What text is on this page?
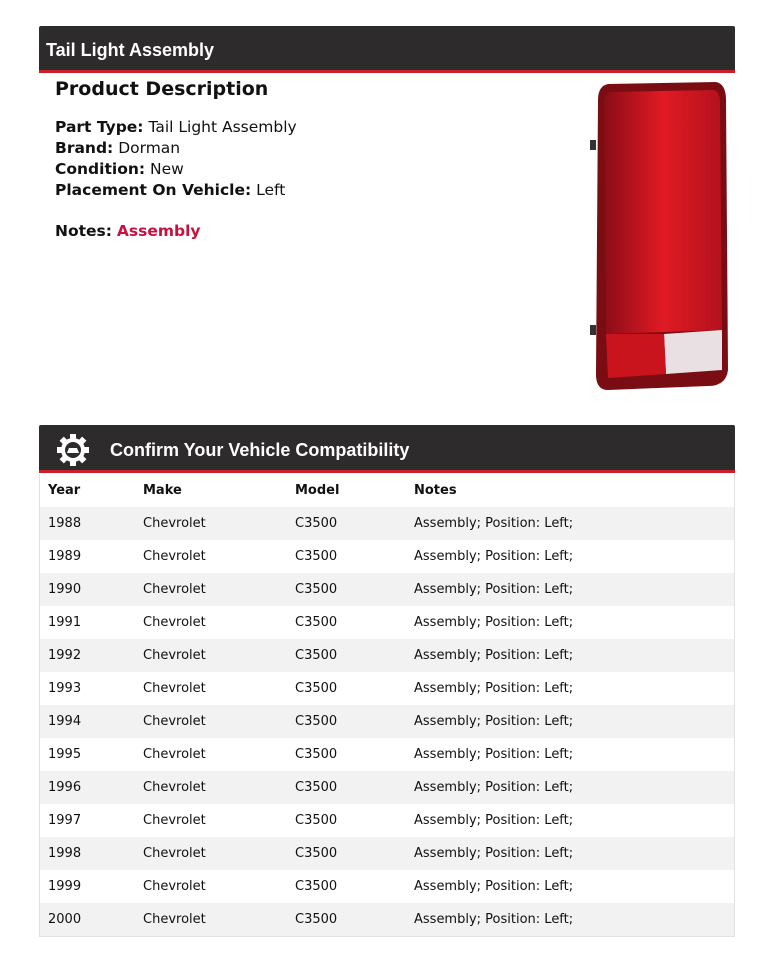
Tail Light Assembly
Product Description
Part Type: Tail Light Assembly
Brand: Dorman
Condition: New
Placement On Vehicle: Left
Notes: Assembly
Confirm Your Vehicle Compatibility
Year	Make	Model	Notes
1988	Chevrolet	C3500	Assembly; Position: Left;
1989	Chevrolet	C3500	Assembly; Position: Left;
1990	Chevrolet	C3500	Assembly; Position: Left;
1991	Chevrolet	C3500	Assembly; Position: Left;
1992	Chevrolet	C3500	Assembly; Position: Left;
1993	Chevrolet	C3500	Assembly; Position: Left;
1994	Chevrolet	C3500	Assembly; Position: Left;
1995	Chevrolet	C3500	Assembly; Position: Left;
1996	Chevrolet	C3500	Assembly; Position: Left;
1997	Chevrolet	C3500	Assembly; Position: Left;
1998	Chevrolet	C3500	Assembly; Position: Left;
1999	Chevrolet	C3500	Assembly; Position: Left;
2000	Chevrolet	C3500	Assembly; Position: Left;
